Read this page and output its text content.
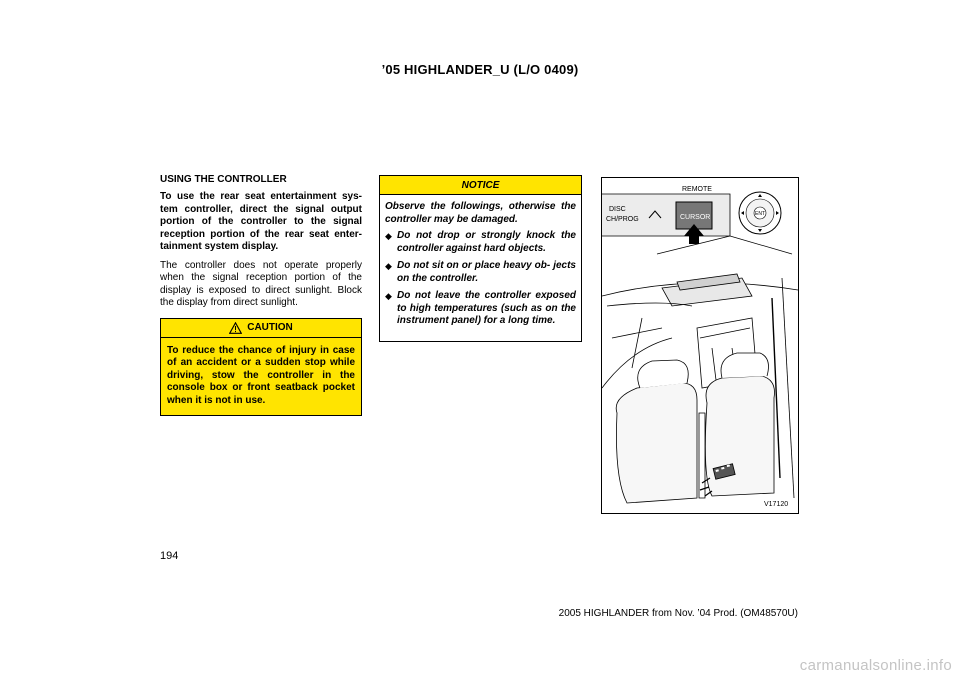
’05 HIGHLANDER_U (L/O 0409)

USING THE CONTROLLER

To use the rear seat entertainment sys- tem controller, direct the signal output portion of the controller to the signal reception portion of the rear seat enter- tainment system display.

The controller does not operate properly when the signal reception portion of the display is exposed to direct sunlight. Block the display from direct sunlight.

CAUTION
To reduce the chance of injury in case of an accident or a sudden stop while driving, stow the controller in the console box or front seatback pocket when it is not in use.
NOTICE

Observe the followings, otherwise the controller may be damaged.

◆ Do not drop or strongly knock the controller against hard objects.
◆ Do not sit on or place heavy ob- jects on the controller.
◆ Do not leave the controller exposed to high temperatures (such as on the instrument panel) for a long time.
REMOTE
DISC
CH/PROG	CURSOR	ENT
V17120
194
2005 HIGHLANDER from Nov. ’04 Prod. (OM48570U)
carmanualsonline.info
